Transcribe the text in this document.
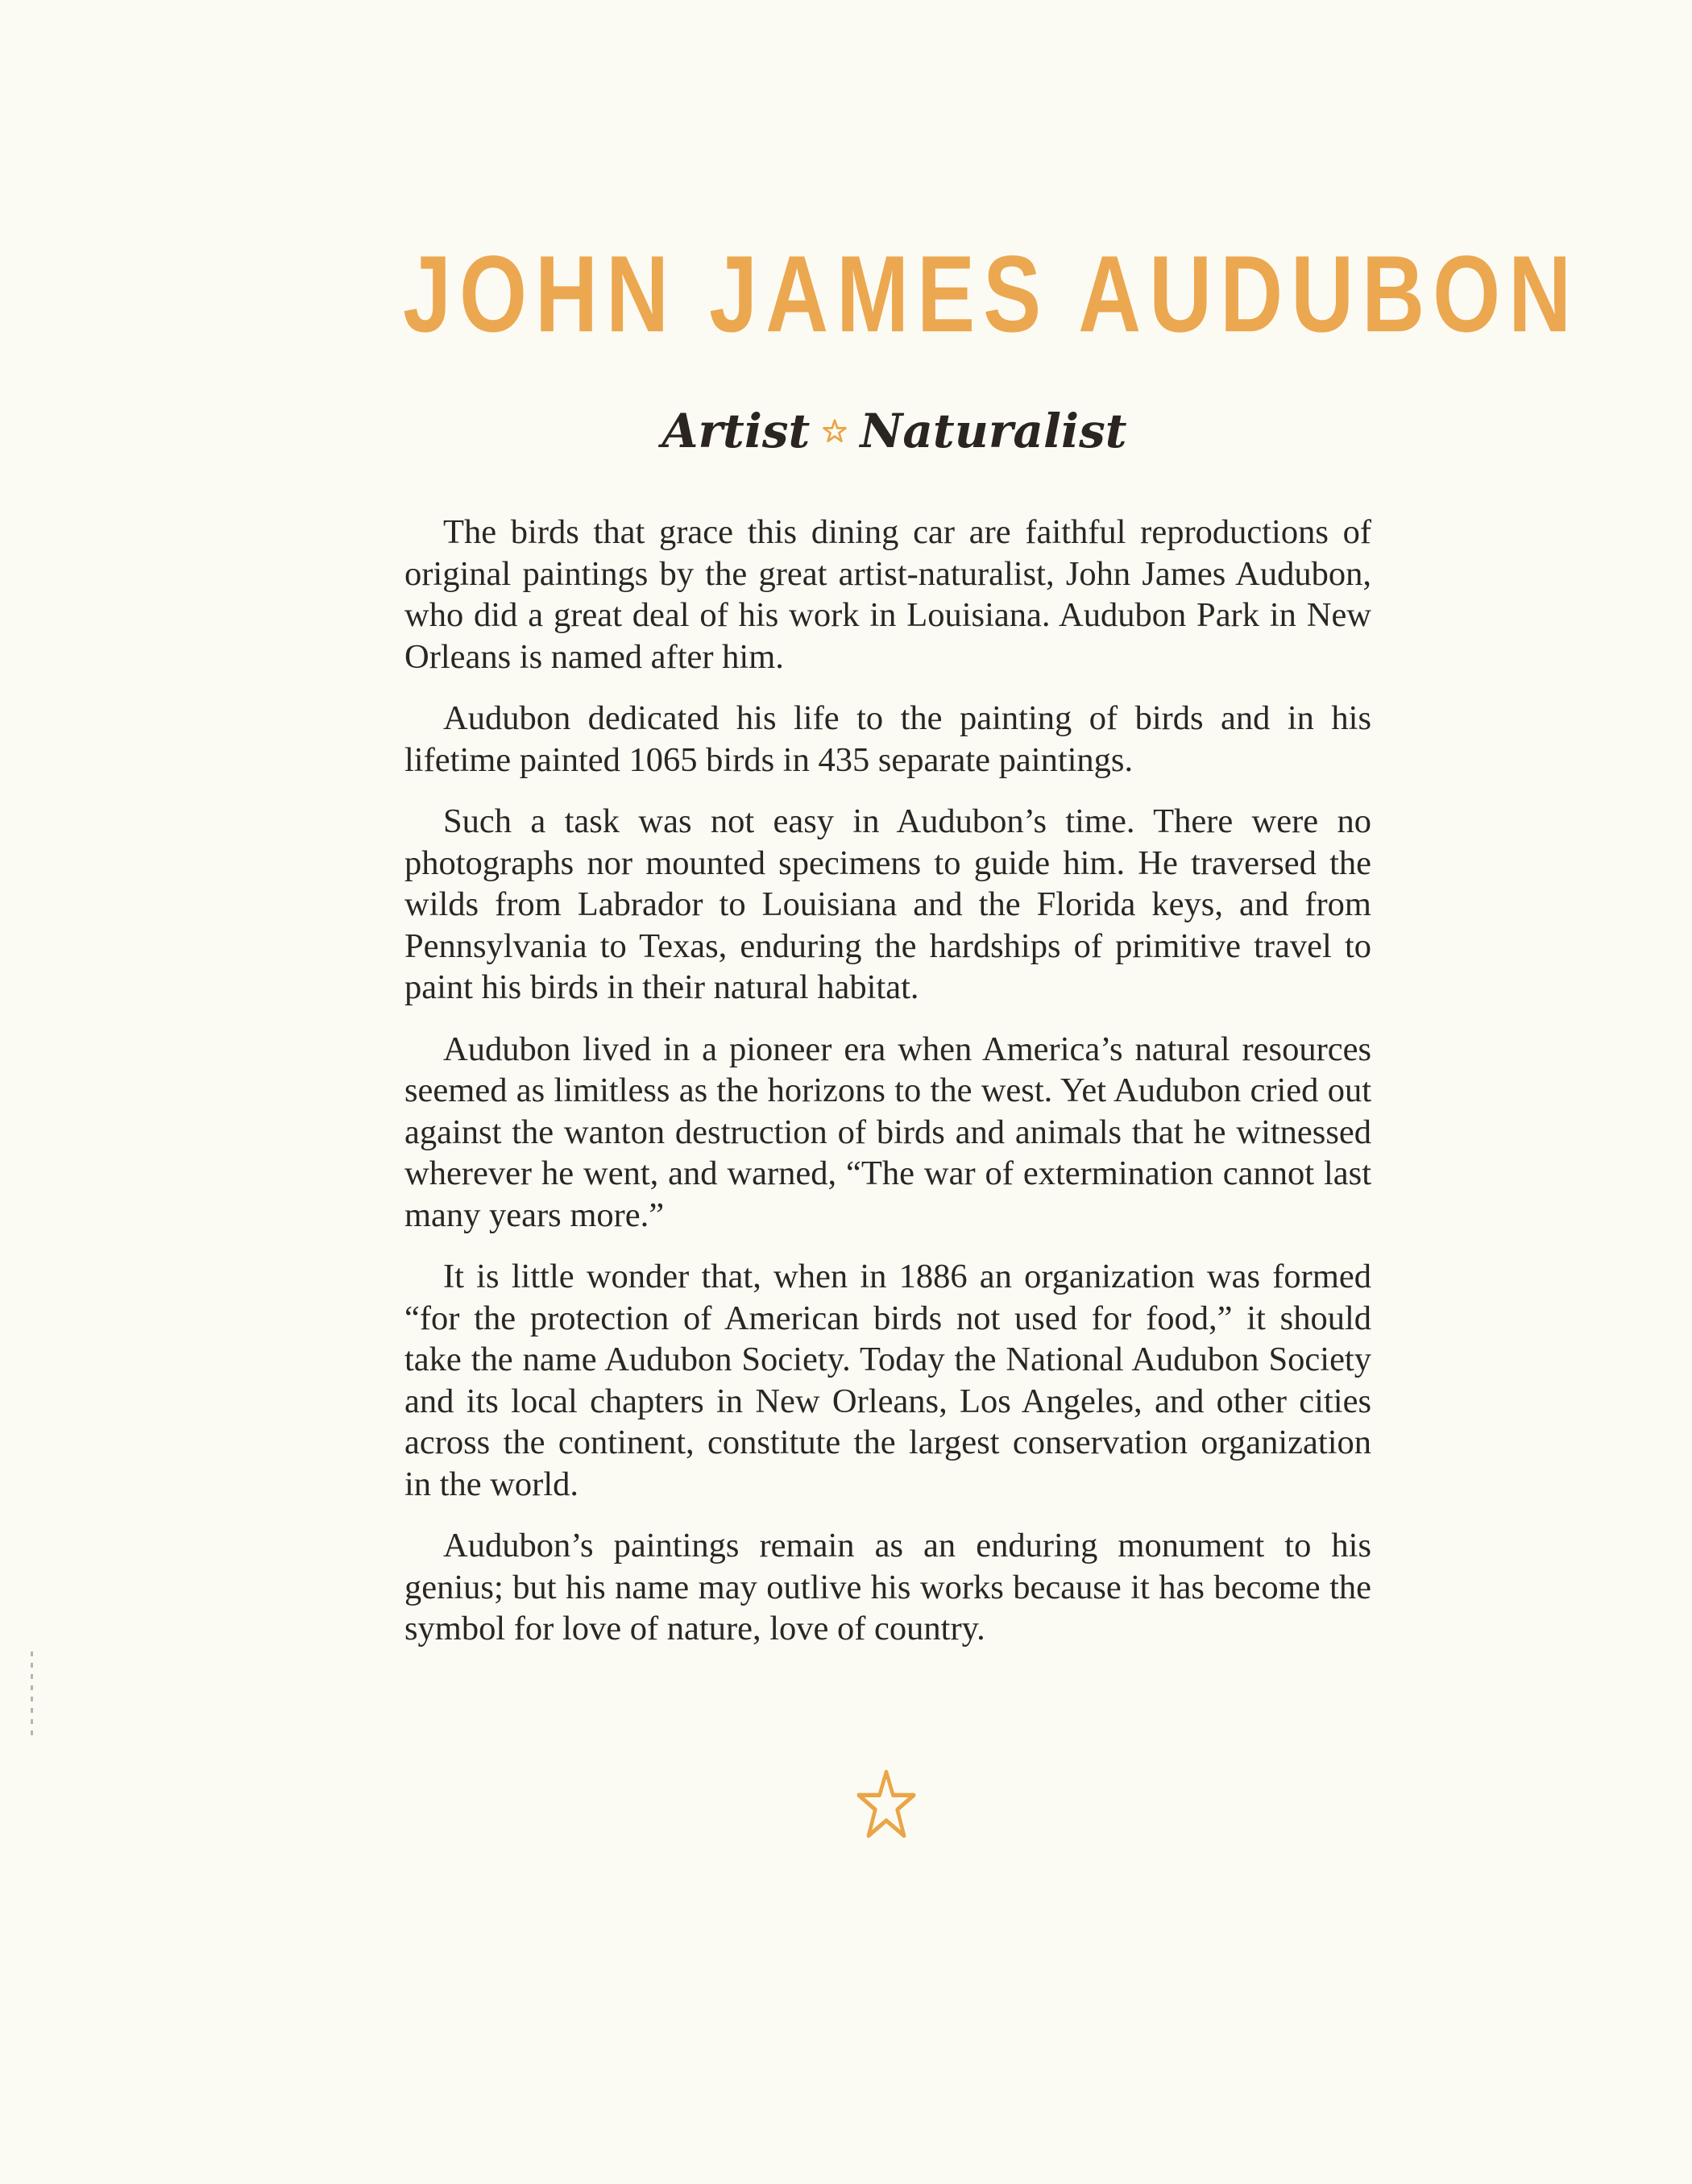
JOHN JAMES AUDUBON
Artist Naturalist

The birds that grace this dining car are faithful reproductions of original paintings by the great artist-naturalist, John James Audubon, who did a great deal of his work in Louisiana. Audubon Park in New Orleans is named after him.

Audubon dedicated his life to the painting of birds and in his lifetime painted 1065 birds in 435 separate paintings.

Such a task was not easy in Audubon’s time. There were no photographs nor mounted specimens to guide him. He traversed the wilds from Labrador to Louisiana and the Florida keys, and from Pennsylvania to Texas, enduring the hardships of primitive travel to paint his birds in their natural habitat.

Audubon lived in a pioneer era when America’s natural resources seemed as limitless as the horizons to the west. Yet Audubon cried out against the wanton destruction of birds and animals that he witnessed wherever he went, and warned, “The war of extermination cannot last many years more.”

It is little wonder that, when in 1886 an organization was formed “for the protection of American birds not used for food,” it should take the name Audubon Society. Today the National Audubon Society and its local chapters in New Orleans, Los Angeles, and other cities across the continent, constitute the largest conservation organization in the world.

Audubon’s paintings remain as an enduring monument to his genius; but his name may outlive his works because it has become the symbol for love of nature, love of country.
